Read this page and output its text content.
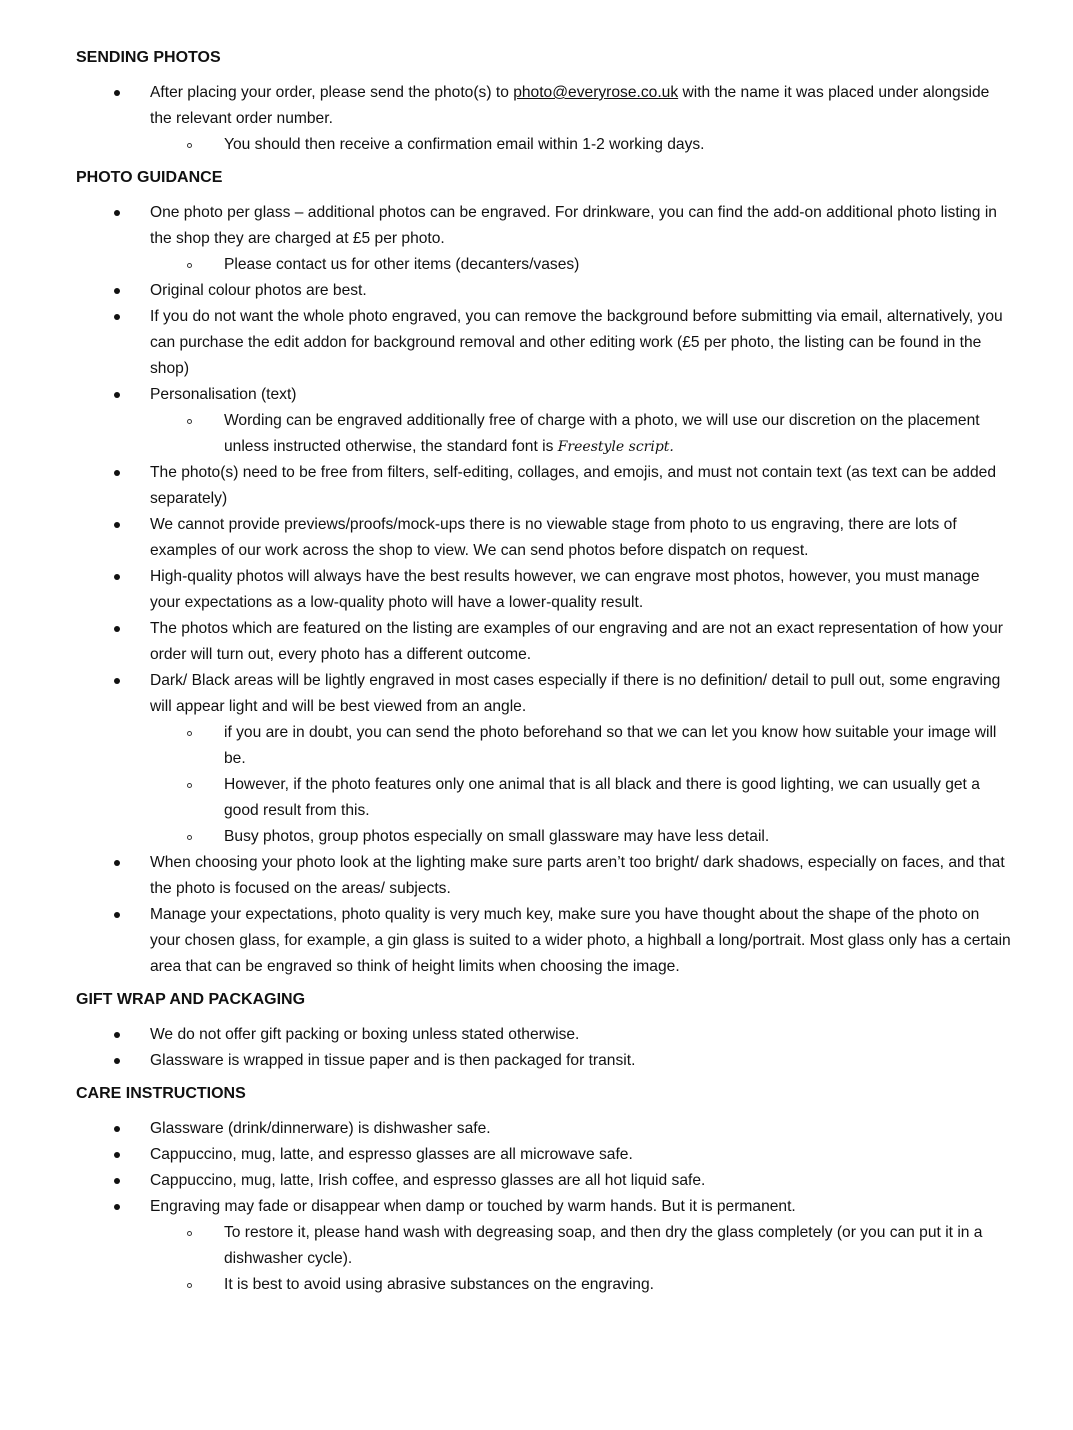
SENDING PHOTOS
After placing your order, please send the photo(s) to photo@everyrose.co.uk with the name it was placed under alongside the relevant order number.
You should then receive a confirmation email within 1-2 working days.
PHOTO GUIDANCE
One photo per glass – additional photos can be engraved. For drinkware, you can find the add-on additional photo listing in the shop they are charged at £5 per photo.
Please contact us for other items (decanters/vases)
Original colour photos are best.
If you do not want the whole photo engraved, you can remove the background before submitting via email, alternatively, you can purchase the edit addon for background removal and other editing work (£5 per photo, the listing can be found in the shop)
Personalisation (text)
Wording can be engraved additionally free of charge with a photo, we will use our discretion on the placement unless instructed otherwise, the standard font is Freestyle script.
The photo(s) need to be free from filters, self-editing, collages, and emojis, and must not contain text (as text can be added separately)
We cannot provide previews/proofs/mock-ups there is no viewable stage from photo to us engraving, there are lots of examples of our work across the shop to view. We can send photos before dispatch on request.
High-quality photos will always have the best results however, we can engrave most photos, however, you must manage your expectations as a low-quality photo will have a lower-quality result.
The photos which are featured on the listing are examples of our engraving and are not an exact representation of how your order will turn out, every photo has a different outcome.
Dark/ Black areas will be lightly engraved in most cases especially if there is no definition/ detail to pull out, some engraving will appear light and will be best viewed from an angle.
if you are in doubt, you can send the photo beforehand so that we can let you know how suitable your image will be.
However, if the photo features only one animal that is all black and there is good lighting, we can usually get a good result from this.
Busy photos, group photos especially on small glassware may have less detail.
When choosing your photo look at the lighting make sure parts aren’t too bright/ dark shadows, especially on faces, and that the photo is focused on the areas/ subjects.
Manage your expectations, photo quality is very much key, make sure you have thought about the shape of the photo on your chosen glass, for example, a gin glass is suited to a wider photo, a highball a long/portrait. Most glass only has a certain area that can be engraved so think of height limits when choosing the image.
GIFT WRAP AND PACKAGING
We do not offer gift packing or boxing unless stated otherwise.
Glassware is wrapped in tissue paper and is then packaged for transit.
CARE INSTRUCTIONS
Glassware (drink/dinnerware) is dishwasher safe.
Cappuccino, mug, latte, and espresso glasses are all microwave safe.
Cappuccino, mug, latte, Irish coffee, and espresso glasses are all hot liquid safe.
Engraving may fade or disappear when damp or touched by warm hands. But it is permanent.
To restore it, please hand wash with degreasing soap, and then dry the glass completely (or you can put it in a dishwasher cycle).
It is best to avoid using abrasive substances on the engraving.
